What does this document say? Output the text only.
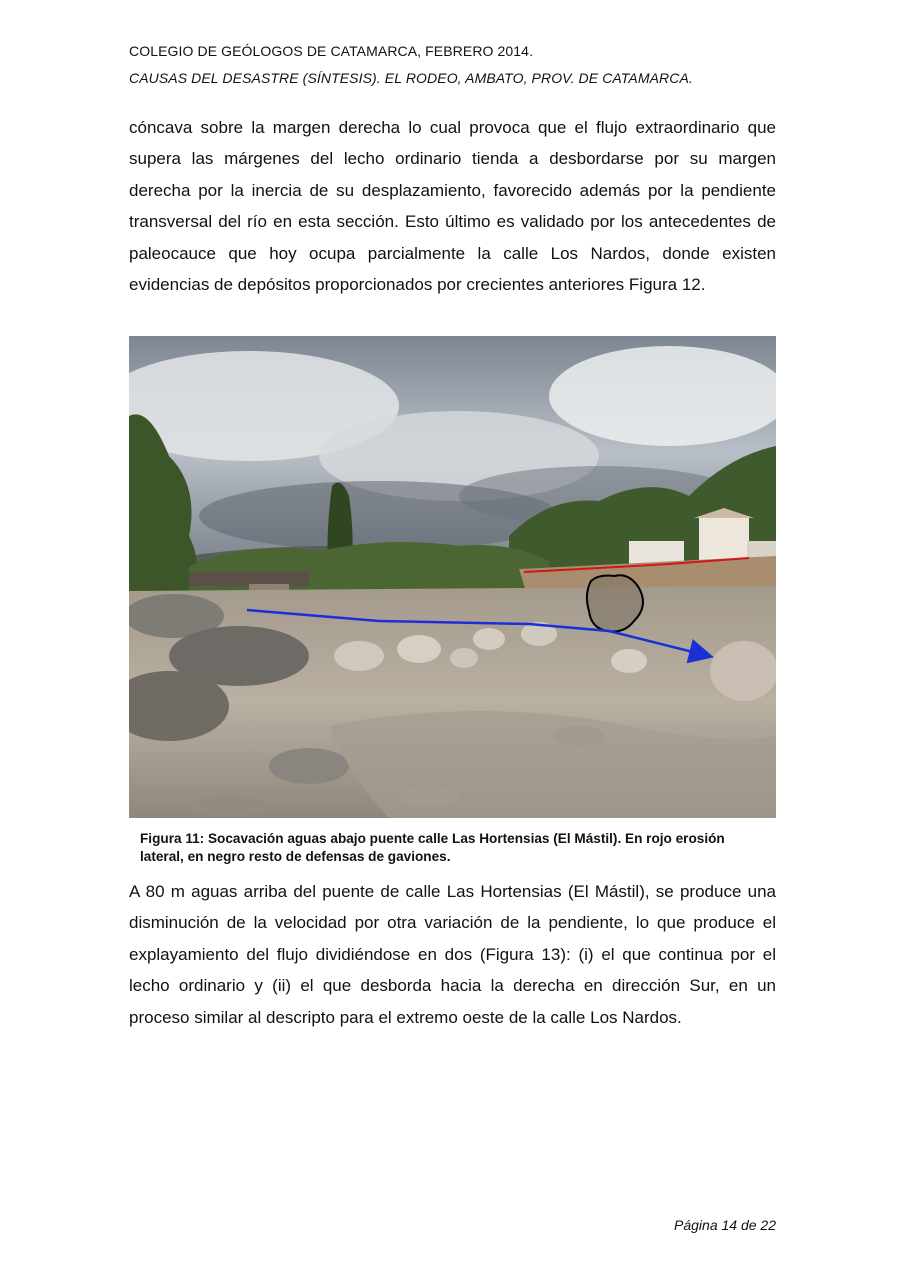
COLEGIO DE GEÓLOGOS DE CATAMARCA, FEBRERO 2014.
CAUSAS DEL DESASTRE (SÍNTESIS). EL RODEO, AMBATO, PROV. DE CATAMARCA.

cóncava sobre la margen derecha lo cual provoca que el flujo extraordinario que supera las márgenes del lecho ordinario tienda a desbordarse por su margen derecha por la inercia de su desplazamiento, favorecido además por la pendiente transversal del río en esta sección. Esto último es validado por los antecedentes de paleocauce que hoy ocupa parcialmente la calle Los Nardos, donde existen evidencias de depósitos proporcionados por crecientes anteriores Figura 12.

Figura 11: Socavación aguas abajo puente calle Las Hortensias (El Mástil). En rojo erosión lateral, en negro resto de defensas de gaviones.

A 80 m aguas arriba del puente de calle Las Hortensias (El Mástil), se produce una disminución de la velocidad por otra variación de la pendiente, lo que produce el explayamiento del flujo dividiéndose en dos (Figura 13): (i) el que continua por el lecho ordinario y (ii) el que desborda hacia la derecha en dirección Sur, en un proceso similar al descripto para el extremo oeste de la calle Los Nardos.

Página 14 de 22
